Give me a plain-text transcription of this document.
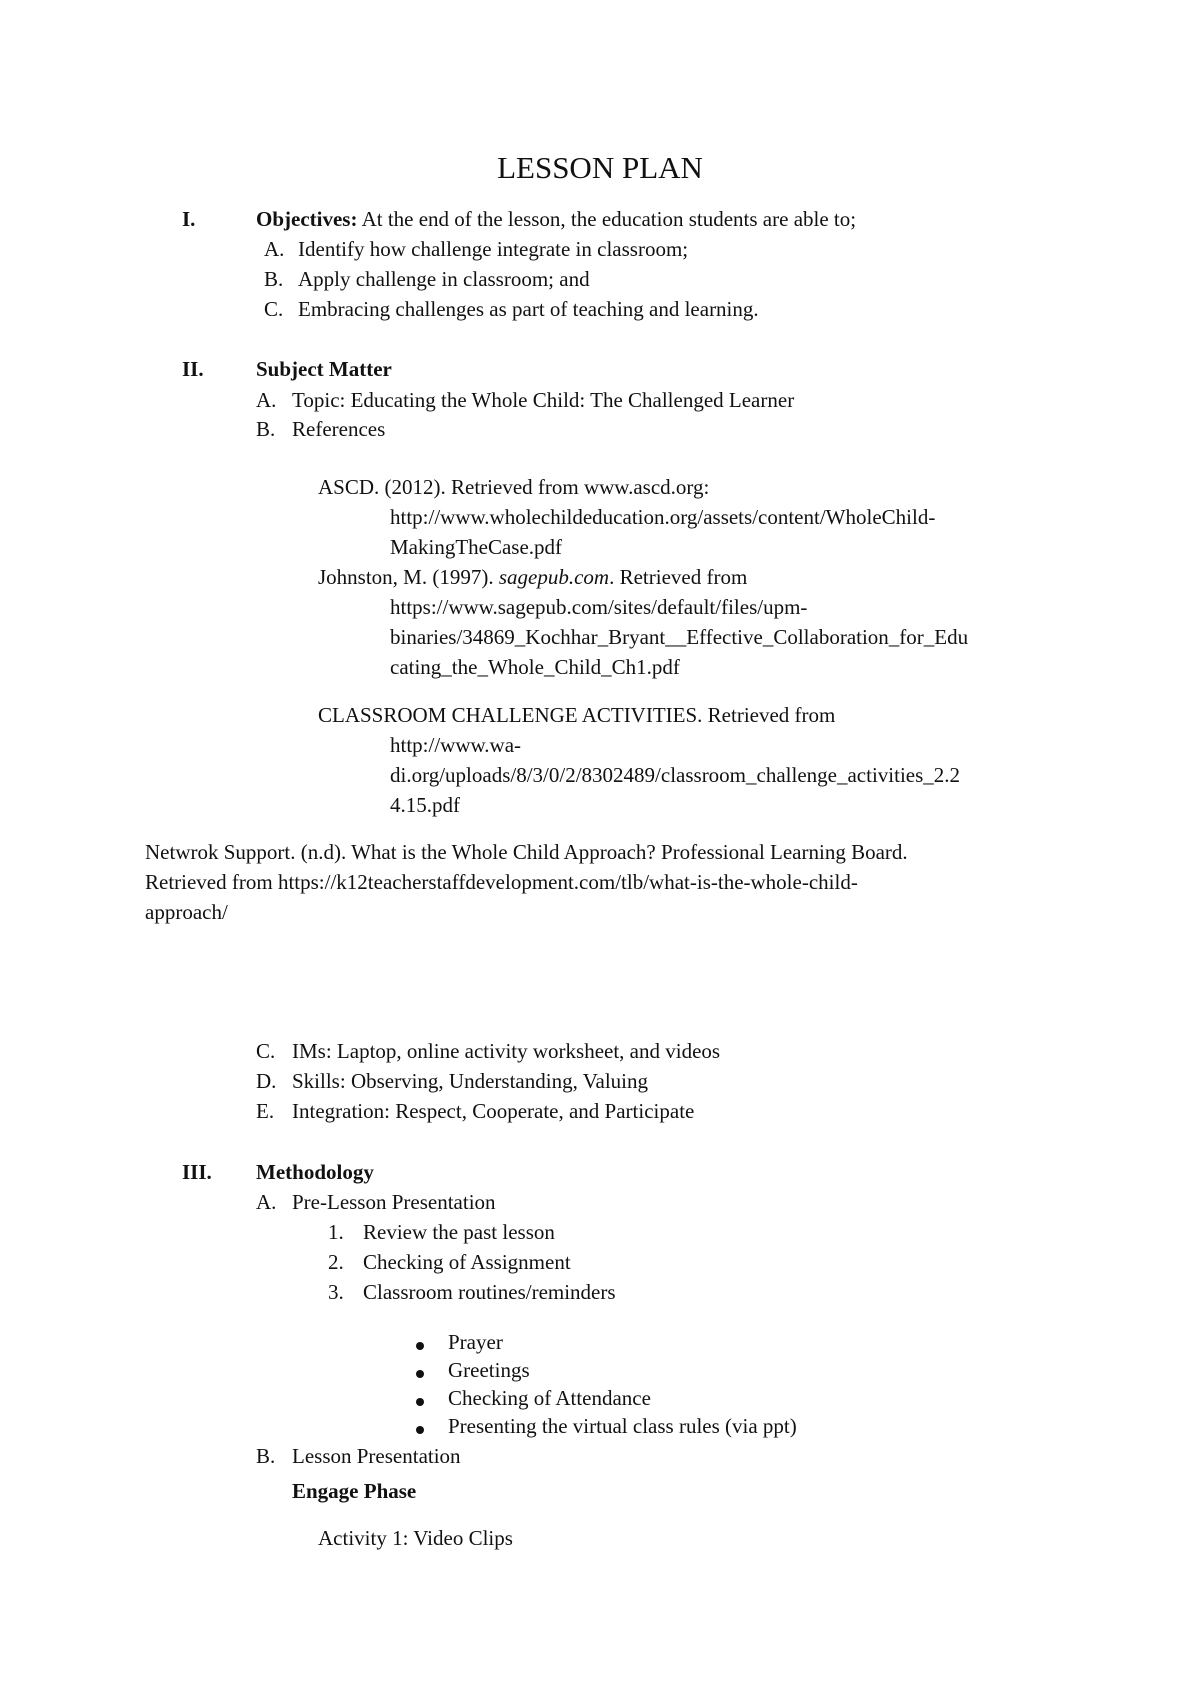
LESSON PLAN
I.	Objectives: At the end of the lesson, the education students are able to;
A. Identify how challenge integrate in classroom;
B. Apply challenge in classroom; and
C. Embracing challenges as part of teaching and learning.
II. Subject Matter
A. Topic: Educating the Whole Child: The Challenged Learner
B. References
ASCD. (2012). Retrieved from www.ascd.org:
http://www.wholechildeducation.org/assets/content/WholeChild-
MakingTheCase.pdf
Johnston, M. (1997). sagepub.com. Retrieved from
https://www.sagepub.com/sites/default/files/upm-
binaries/34869_Kochhar_Bryant__Effective_Collaboration_for_Edu
cating_the_Whole_Child_Ch1.pdf
CLASSROOM CHALLENGE ACTIVITIES. Retrieved from
http://www.wa-
di.org/uploads/8/3/0/2/8302489/classroom_challenge_activities_2.2
4.15.pdf
Netwrok Support. (n.d). What is the Whole Child Approach? Professional Learning Board.
Retrieved from https://k12teacherstaffdevelopment.com/tlb/what-is-the-whole-child-
approach/
C. IMs: Laptop, online activity worksheet, and videos
D. Skills: Observing, Understanding, Valuing
E. Integration: Respect, Cooperate, and Participate
III. Methodology
A. Pre-Lesson Presentation
1. Review the past lesson
2. Checking of Assignment
3. Classroom routines/reminders
Prayer
Greetings
Checking of Attendance
Presenting the virtual class rules (via ppt)
B. Lesson Presentation
Engage Phase
Activity 1: Video Clips
